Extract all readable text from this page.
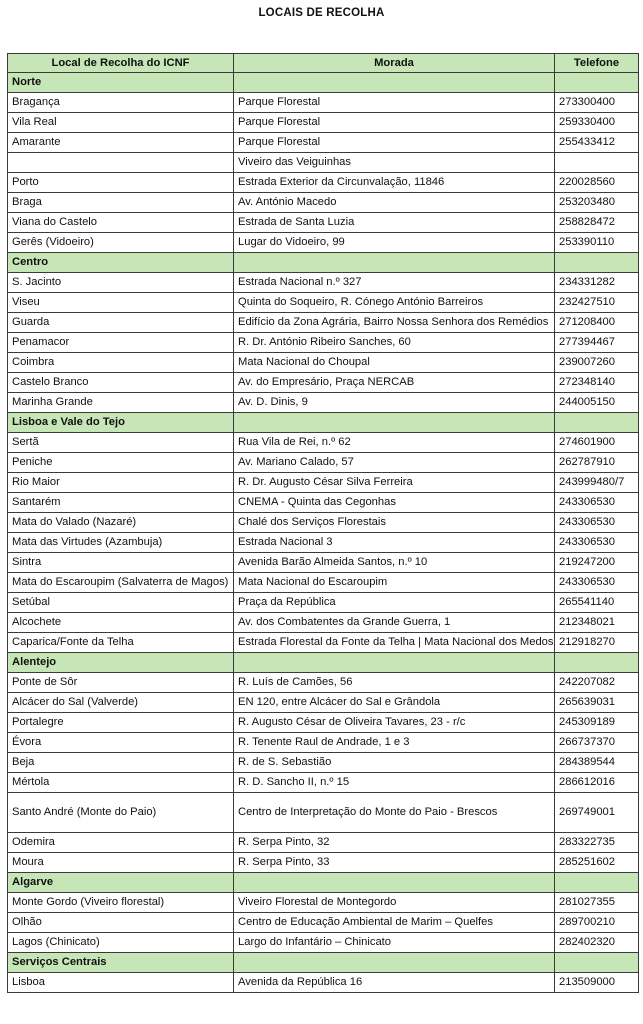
LOCAIS DE RECOLHA
Local de Recolha do ICNF	Morada	Telefone
Norte		
Bragança	Parque Florestal	273300400
Vila Real	Parque Florestal	259330400
Amarante	Parque Florestal	255433412
	Viveiro das Veiguinhas	
Porto	Estrada Exterior da Circunvalação, 11846	220028560
Braga	Av. António Macedo	253203480
Viana do Castelo	Estrada de Santa Luzia	258828472
Gerês (Vidoeiro)	Lugar do Vidoeiro, 99	253390110
Centro		
S. Jacinto	Estrada Nacional n.º 327	234331282
Viseu	Quinta do Soqueiro, R. Cónego António Barreiros	232427510
Guarda	Edifício da Zona Agrária, Bairro Nossa Senhora dos Remédios	271208400
Penamacor	R. Dr. António Ribeiro Sanches, 60	277394467
Coimbra	Mata Nacional do Choupal	239007260
Castelo Branco	Av. do Empresário, Praça NERCAB	272348140
Marinha Grande	Av. D. Dinis, 9	244005150
Lisboa e Vale do Tejo		
Sertã	Rua Vila de Rei, n.º 62	274601900
Peniche	Av. Mariano Calado, 57	262787910
Rio Maior	R. Dr. Augusto César Silva Ferreira	243999480/7
Santarém	CNEMA - Quinta das Cegonhas	243306530
Mata do Valado (Nazaré)	Chalé dos Serviços Florestais	243306530
Mata das Virtudes (Azambuja)	Estrada Nacional 3	243306530
Sintra	Avenida Barão Almeida Santos, n.º 10	219247200
Mata do Escaroupim (Salvaterra de Magos)	Mata Nacional do Escaroupim	243306530
Setúbal	Praça da República	265541140
Alcochete	Av. dos Combatentes da Grande Guerra, 1	212348021
Caparica/Fonte da Telha	Estrada Florestal da Fonte da Telha | Mata Nacional dos Medos	212918270
Alentejo		
Ponte de Sôr	R. Luís de Camões, 56	242207082
Alcácer do Sal (Valverde)	EN 120, entre Alcácer do Sal e Grândola	265639031
Portalegre	R. Augusto César de Oliveira Tavares, 23 - r/c	245309189
Évora	R. Tenente Raul de Andrade, 1 e 3	266737370
Beja	R. de S. Sebastião	284389544
Mértola	R. D. Sancho II, n.º 15	286612016
Santo André (Monte do Paio)	Centro de Interpretação do Monte do Paio - Brescos	269749001
Odemira	R. Serpa Pinto, 32	283322735
Moura	R. Serpa Pinto, 33	285251602
Algarve		
Monte Gordo (Viveiro florestal)	Viveiro Florestal de Montegordo	281027355
Olhão	Centro de Educação Ambiental de Marim – Quelfes	289700210
Lagos (Chinicato)	Largo do Infantário – Chinicato	282402320
Serviços Centrais		
Lisboa	Avenida da República 16	213509000
